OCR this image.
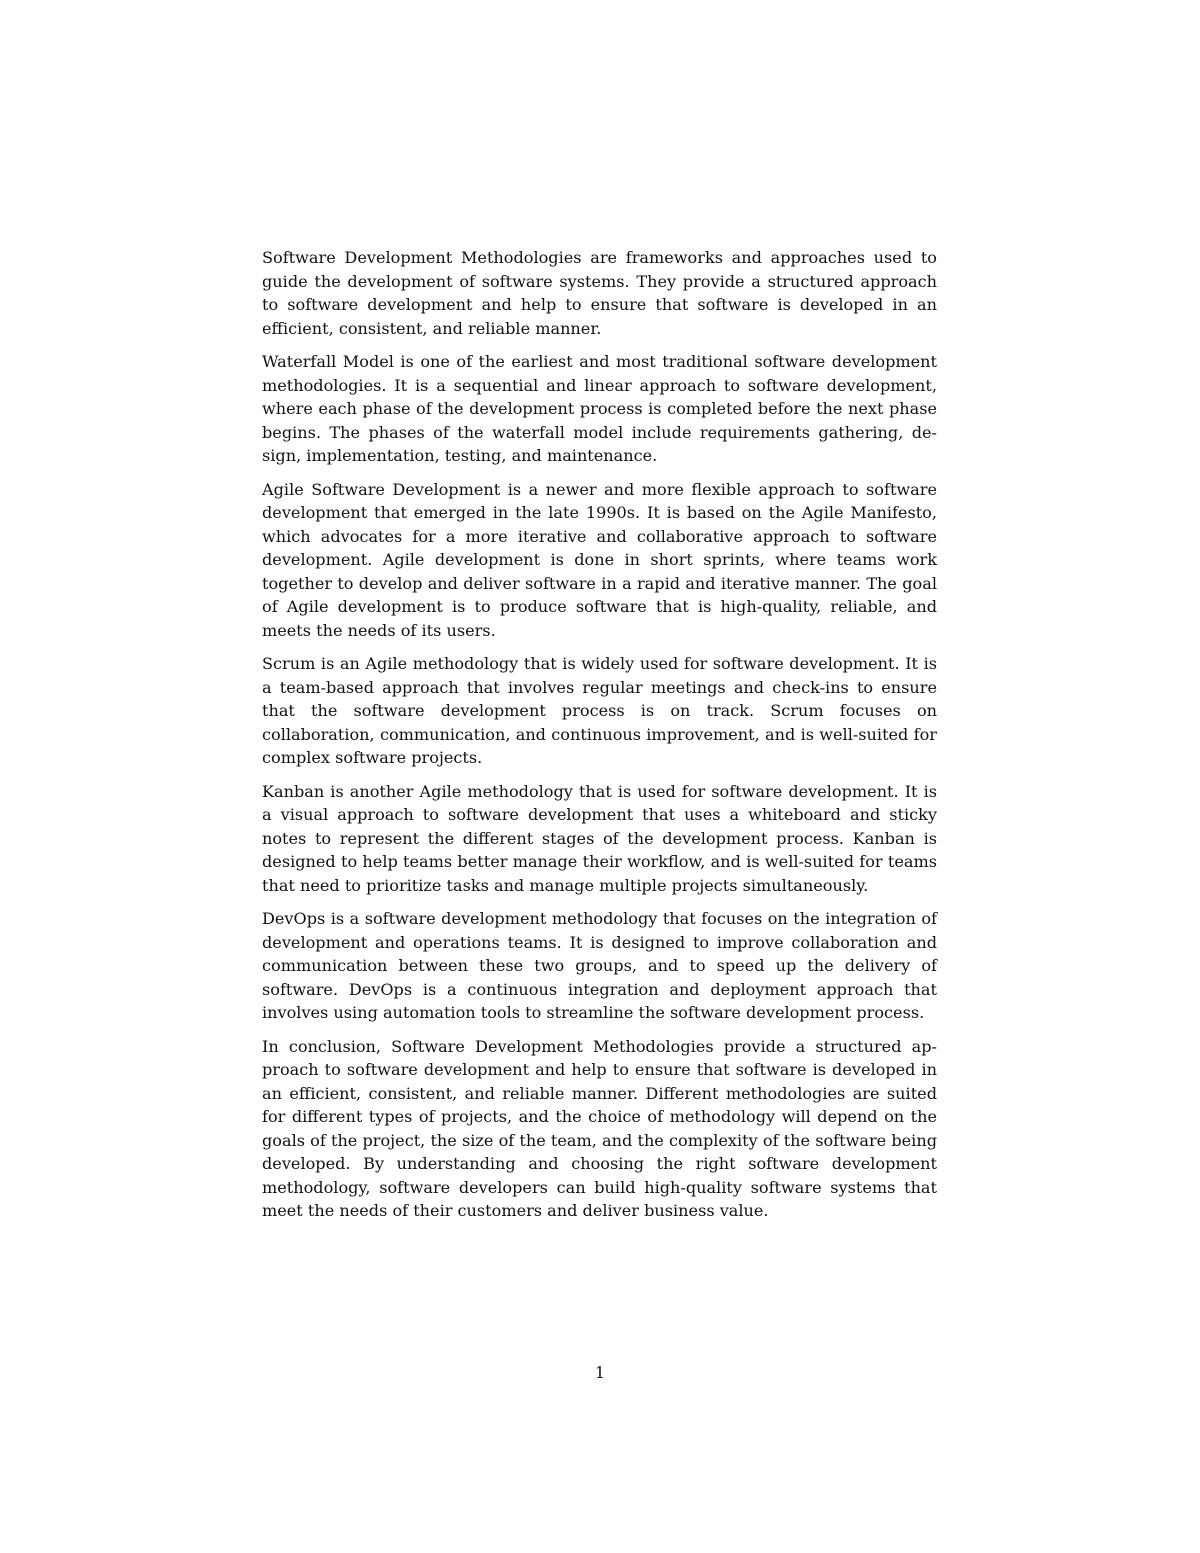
Software Development Methodologies are frameworks and approaches used to guide the development of software systems. They provide a structured approach to software development and help to ensure that software is developed in an efficient, consistent, and reliable manner.

Waterfall Model is one of the earliest and most traditional software development methodologies. It is a sequential and linear approach to software development, where each phase of the development process is completed before the next phase begins. The phases of the waterfall model include requirements gathering, design, implementation, testing, and maintenance.

Agile Software Development is a newer and more flexible approach to software development that emerged in the late 1990s. It is based on the Agile Manifesto, which advocates for a more iterative and collaborative approach to software development. Agile development is done in short sprints, where teams work together to develop and deliver software in a rapid and iterative manner. The goal of Agile development is to produce software that is high-quality, reliable, and meets the needs of its users.

Scrum is an Agile methodology that is widely used for software development. It is a team-based approach that involves regular meetings and check-ins to ensure that the software development process is on track. Scrum focuses on collaboration, communication, and continuous improvement, and is well-suited for complex software projects.

Kanban is another Agile methodology that is used for software development. It is a visual approach to software development that uses a whiteboard and sticky notes to represent the different stages of the development process. Kanban is designed to help teams better manage their workflow, and is well-suited for teams that need to prioritize tasks and manage multiple projects simultaneously.

DevOps is a software development methodology that focuses on the integration of development and operations teams. It is designed to improve collaboration and communication between these two groups, and to speed up the delivery of software. DevOps is a continuous integration and deployment approach that involves using automation tools to streamline the software development process.

In conclusion, Software Development Methodologies provide a structured approach to software development and help to ensure that software is developed in an efficient, consistent, and reliable manner. Different methodologies are suited for different types of projects, and the choice of methodology will depend on the goals of the project, the size of the team, and the complexity of the software being developed. By understanding and choosing the right software development methodology, software developers can build high-quality software systems that meet the needs of their customers and deliver business value.

1
